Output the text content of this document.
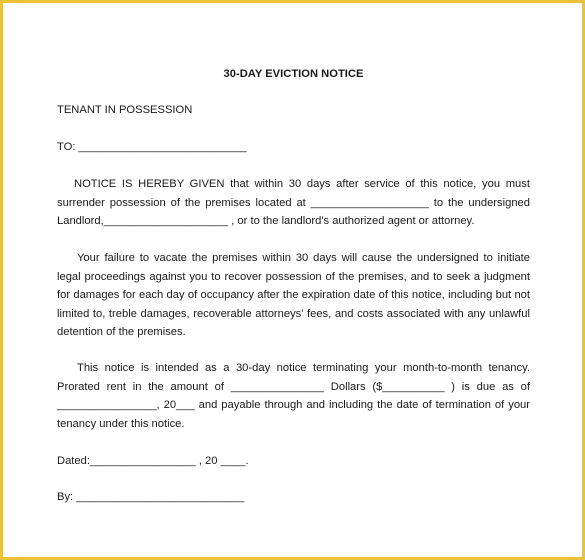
30-DAY EVICTION NOTICE
TENANT IN POSSESSION
TO: ___________________________

NOTICE IS HEREBY GIVEN that within 30 days after service of this notice, you must surrender possession of the premises located at ___________________ to the undersigned Landlord,____________________ , or to the landlord's authorized agent or attorney.

Your failure to vacate the premises within 30 days will cause the undersigned to initiate legal proceedings against you to recover possession of the premises, and to seek a judgment for damages for each day of occupancy after the expiration date of this notice, including but not limited to, treble damages, recoverable attorneys' fees, and costs associated with any unlawful detention of the premises.

This notice is intended as a 30-day notice terminating your month-to-month tenancy. Prorated rent in the amount of _______________ Dollars ($__________ ) is due as of ________________, 20___ and payable through and including the date of termination of your tenancy under this notice.

Dated:_________________ , 20 ____.
By: ___________________________
